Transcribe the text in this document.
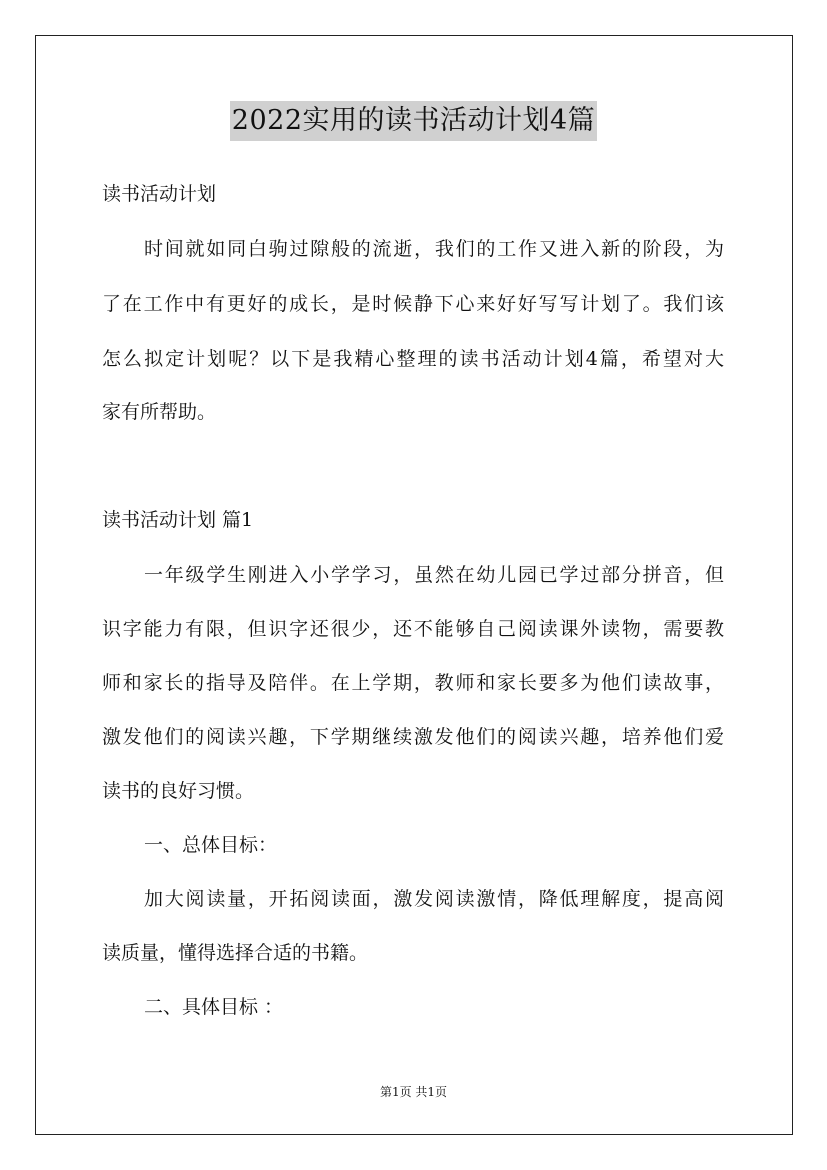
2022实用的读书活动计划4篇
读书活动计划
时间就如同白驹过隙般的流逝，我们的工作又进入新的阶段，为
了在工作中有更好的成长，是时候静下心来好好写写计划了。我们该
怎么拟定计划呢？以下是我精心整理的读书活动计划4篇，希望对大
家有所帮助。
读书活动计划 篇1
一年级学生刚进入小学学习，虽然在幼儿园已学过部分拼音，但
识字能力有限，但识字还很少，还不能够自己阅读课外读物，需要教
师和家长的指导及陪伴。在上学期，教师和家长要多为他们读故事，
激发他们的阅读兴趣，下学期继续激发他们的阅读兴趣，培养他们爱
读书的良好习惯。
一、总体目标：
加大阅读量，开拓阅读面，激发阅读激情，降低理解度，提高阅
读质量，懂得选择合适的书籍。
二、具体目标 ：
第1页 共1页
